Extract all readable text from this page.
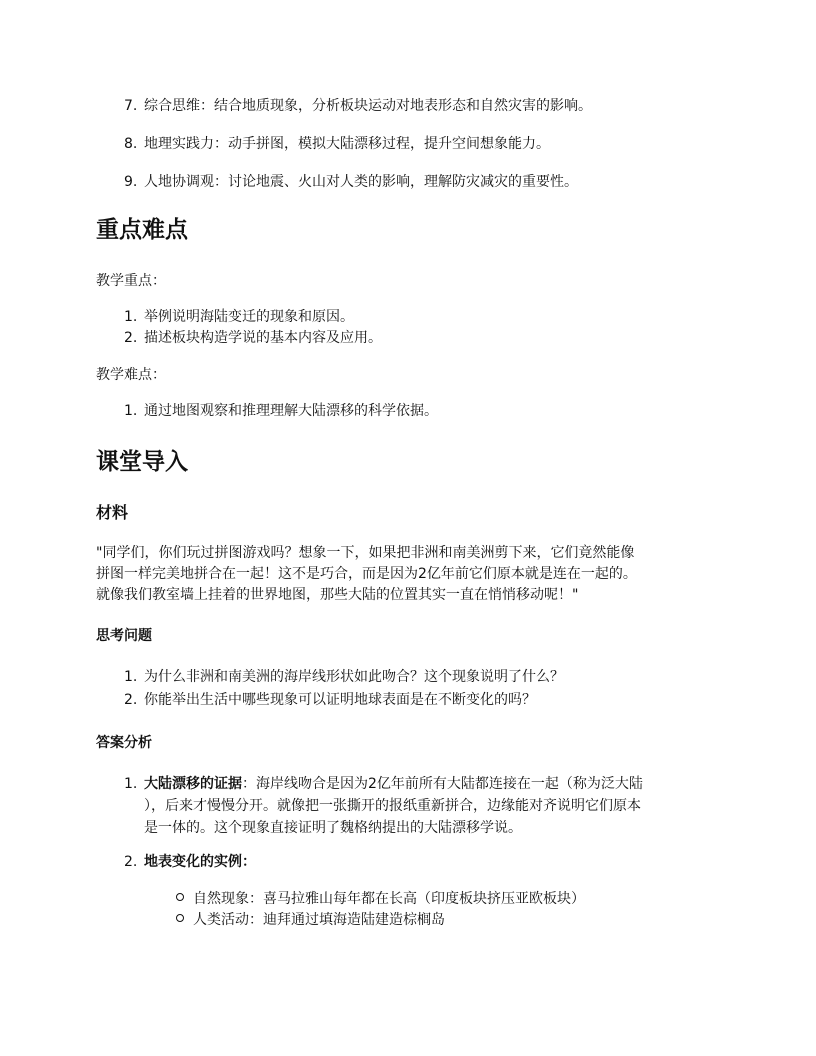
7. 综合思维：结合地质现象，分析板块运动对地表形态和自然灾害的影响。
8. 地理实践力：动手拼图，模拟大陆漂移过程，提升空间想象能力。
9. 人地协调观：讨论地震、火山对人类的影响，理解防灾减灾的重要性。
重点难点
教学重点：
1. 举例说明海陆变迁的现象和原因。
2. 描述板块构造学说的基本内容及应用。
教学难点：
1. 通过地图观察和推理理解大陆漂移的科学依据。
课堂导入
材料
"同学们，你们玩过拼图游戏吗？想象一下，如果把非洲和南美洲剪下来，它们竟然能像
拼图一样完美地拼合在一起！这不是巧合，而是因为2亿年前它们原本就是连在一起的。
就像我们教室墙上挂着的世界地图，那些大陆的位置其实一直在悄悄移动呢！"
思考问题
1. 为什么非洲和南美洲的海岸线形状如此吻合？这个现象说明了什么？
2. 你能举出生活中哪些现象可以证明地球表面是在不断变化的吗？
答案分析
1. 大陆漂移的证据：海岸线吻合是因为2亿年前所有大陆都连接在一起（称为泛大陆
），后来才慢慢分开。就像把一张撕开的报纸重新拼合，边缘能对齐说明它们原本
是一体的。这个现象直接证明了魏格纳提出的大陆漂移学说。
2. 地表变化的实例：
自然现象：喜马拉雅山每年都在长高（印度板块挤压亚欧板块）
人类活动：迪拜通过填海造陆建造棕榈岛
